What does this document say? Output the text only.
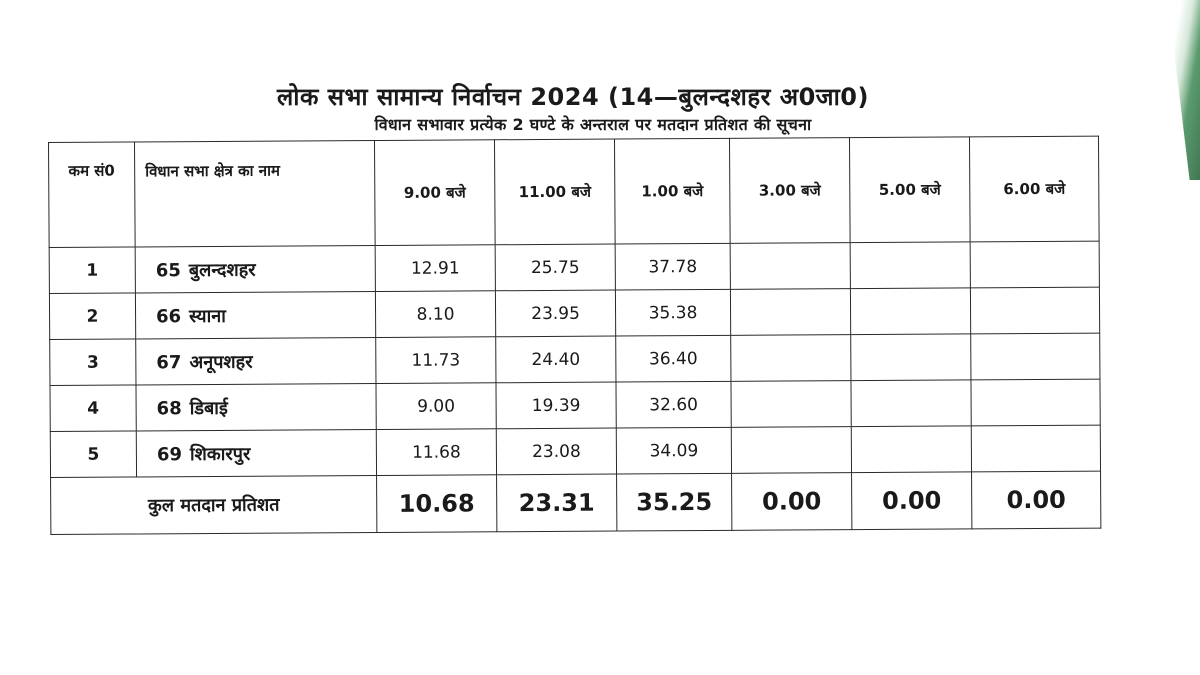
लोक सभा सामान्य निर्वाचन 2024 (14—बुलन्दशहर अ0जा0)

विधान सभावार प्रत्येक 2 घण्टे के अन्तराल पर मतदान प्रतिशत की सूचना

कम सं0	विधान सभा क्षेत्र का नाम	9.00 बजे	11.00 बजे	1.00 बजे	3.00 बजे	5.00 बजे	6.00 बजे
1	65 बुलन्दशहर	12.91	25.75	37.78			
2	66 स्याना	8.10	23.95	35.38			
3	67 अनूपशहर	11.73	24.40	36.40			
4	68 डिबाई	9.00	19.39	32.60			
5	69 शिकारपुर	11.68	23.08	34.09			
कुल मतदान प्रतिशत		10.68	23.31	35.25	0.00	0.00	0.00
